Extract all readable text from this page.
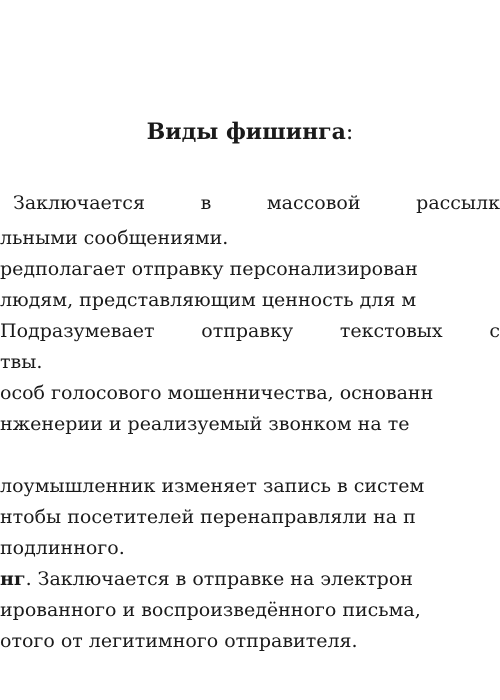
Виды фишинга:
Заключается	в	массовой	рассылк
льными сообщениями.
редполагает отправку персонализирован
людям, представляющим ценность для м
Подразумевает отправку текстовых с
твы.
особ голосового мошенничества, основанн
нженерии и реализуемый звонком на те
лоумышленник изменяет запись в систем
нтобы посетителей перенаправляли на п
подлинного.
нг. Заключается в отправке на электрон
ированного и воспроизведённого письма,
отого от легитимного отправителя.
